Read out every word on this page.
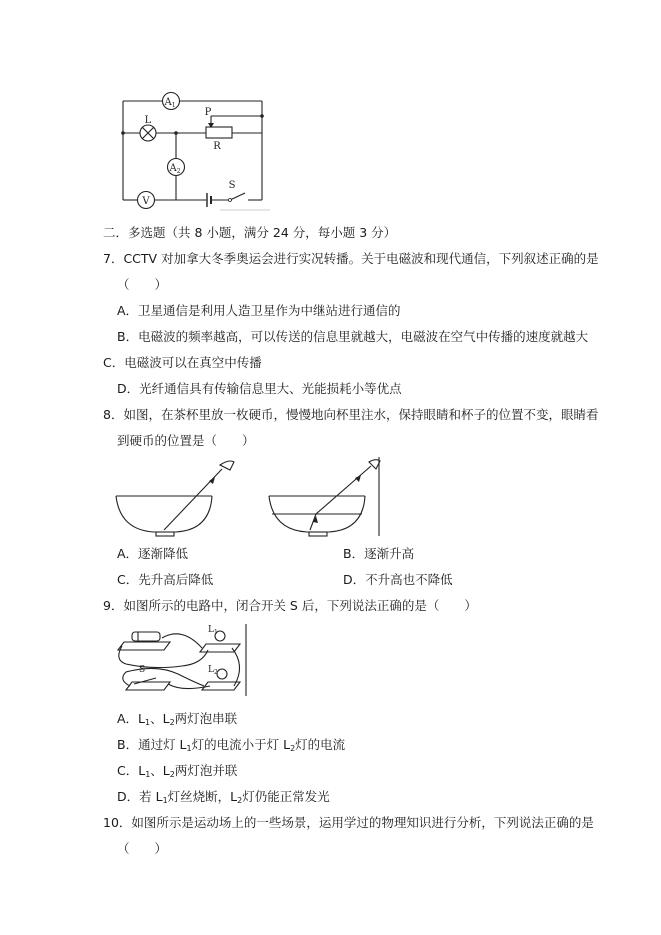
$A_1$
L
P
R
$A_2$
V
S
二．多选题（共 8 小题，满分 24 分，每小题 3 分）
7．CCTV 对加拿大冬季奥运会进行实况转播。关于电磁波和现代通信，下列叙述正确的是
（　　）
A．卫星通信是利用人造卫星作为中继站进行通信的
B．电磁波的频率越高，可以传送的信息里就越大，电磁波在空气中传播的速度就越大
C．电磁波可以在真空中传播
D．光纤通信具有传输信息里大、光能损耗小等优点
8．如图，在茶杯里放一枚硬币，慢慢地向杯里注水，保持眼睛和杯子的位置不变，眼睛看
到硬币的位置是（　　）
A．逐渐降低	B．逐渐升高
C．先升高后降低	D．不升高也不降低
9．如图所示的电路中，闭合开关 S 后，下列说法正确的是（　　）
S
$L_1$
$L_2$
A．$L_1$、$L_2$两灯泡串联
B．通过灯 $L_1$灯的电流小于灯 $L_2$灯的电流
C．$L_1$、$L_2$两灯泡并联
D．若 $L_1$灯丝烧断，$L_2$灯仍能正常发光
10．如图所示是运动场上的一些场景，运用学过的物理知识进行分析，下列说法正确的是
（　　）
